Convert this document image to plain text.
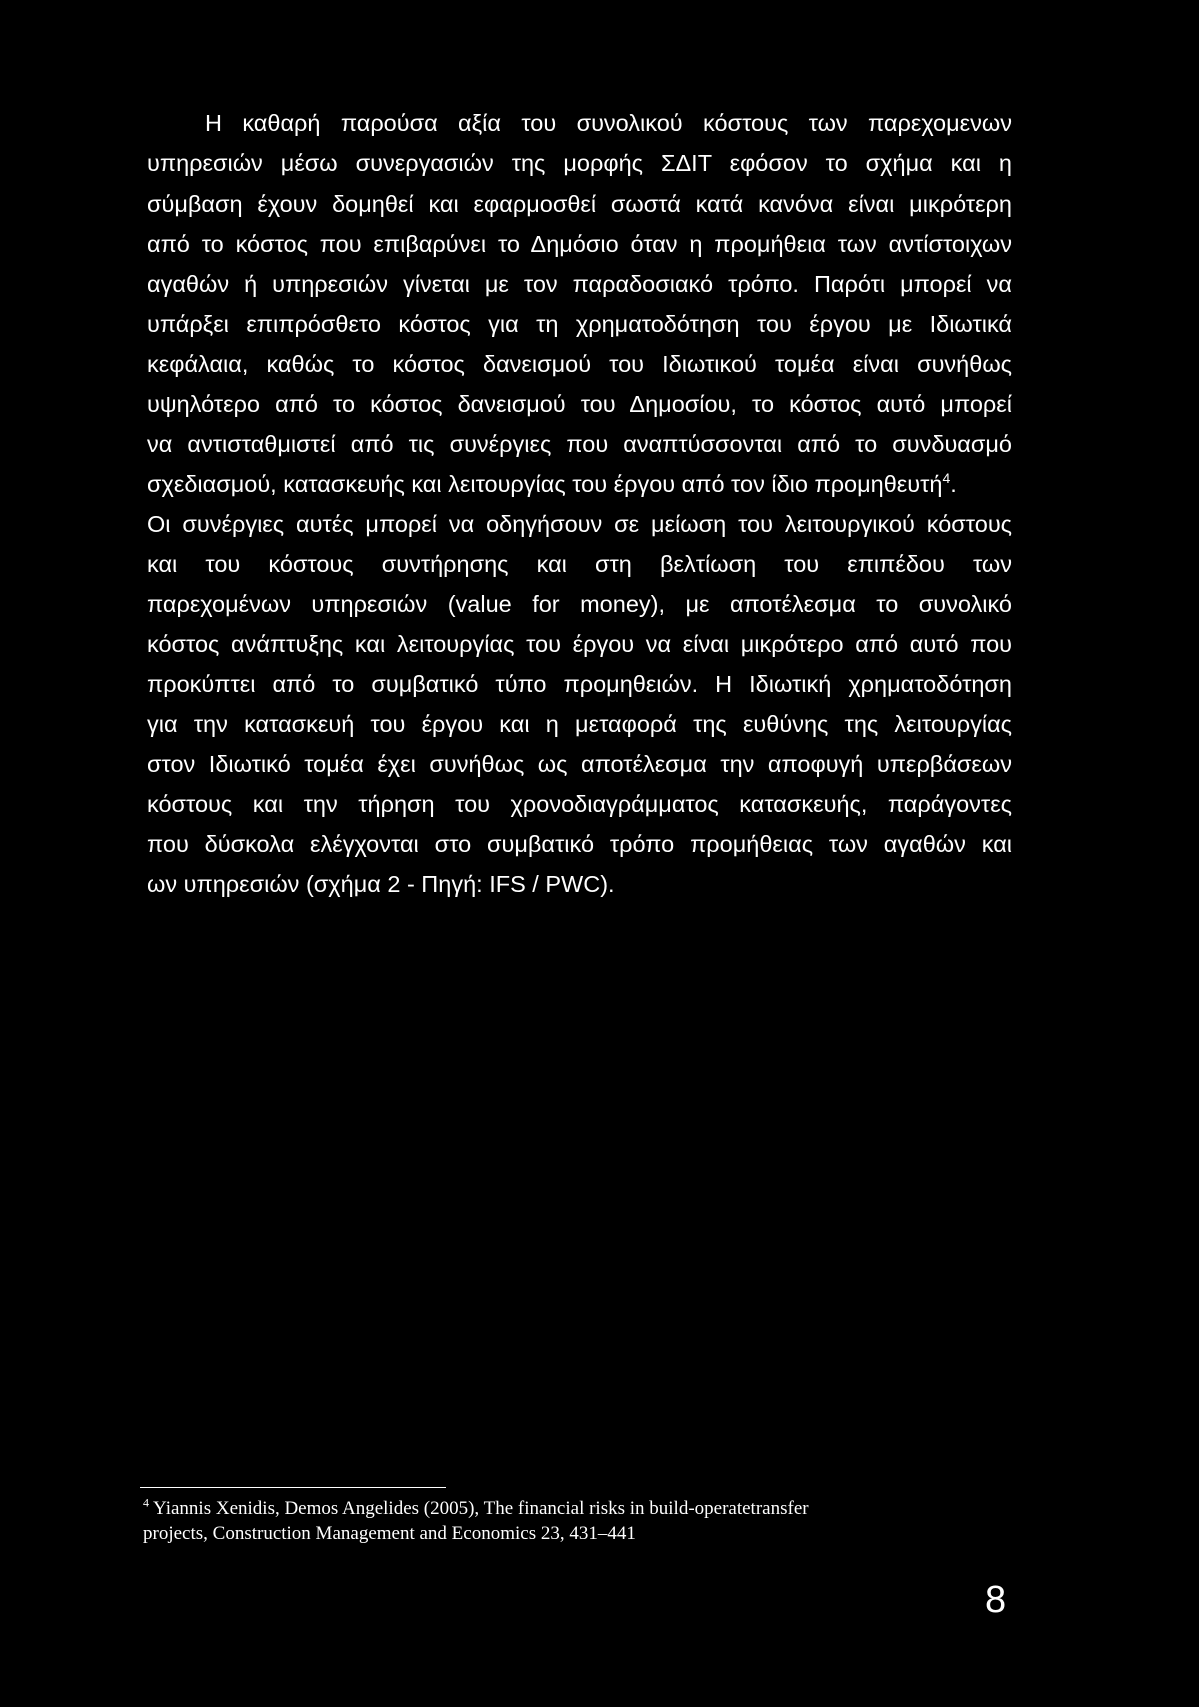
Η καθαρή παρούσα αξία του συνολικού κόστους των παρεχομενων
υπηρεσιών μέσω συνεργασιών της μορφής ΣΔΙΤ εφόσον το σχήμα και η
σύμβαση έχουν δομηθεί και εφαρμοσθεί σωστά κατά κανόνα είναι μικρότερη
από το κόστος που επιβαρύνει το Δημόσιο όταν η προμήθεια των αντίστοιχων
αγαθών ή υπηρεσιών γίνεται με τον παραδοσιακό τρόπο. Παρότι μπορεί να
υπάρξει επιπρόσθετο κόστος για τη χρηματοδότηση του έργου με Ιδιωτικά
κεφάλαια, καθώς το κόστος δανεισμού του Ιδιωτικού τομέα είναι συνήθως
υψηλότερο από το κόστος δανεισμού του Δημοσίου, το κόστος αυτό μπορεί
να αντισταθμιστεί από τις συνέργιες που αναπτύσσονται από το συνδυασμό
σχεδιασμού, κατασκευής και λειτουργίας του έργου από τον ίδιο προμηθευτή$^4$.
Οι συνέργιες αυτές μπορεί να οδηγήσουν σε μείωση του λειτουργικού κόστους
και του κόστους συντήρησης και στη βελτίωση του επιπέδου των
παρεχομένων υπηρεσιών (value for money), με αποτέλεσμα το συνολικό
κόστος ανάπτυξης και λειτουργίας του έργου να είναι μικρότερο από αυτό που
προκύπτει από το συμβατικό τύπο προμηθειών. Η Ιδιωτική χρηματοδότηση
για την κατασκευή του έργου και η μεταφορά της ευθύνης της λειτουργίας
στον Ιδιωτικό τομέα έχει συνήθως ως αποτέλεσμα την αποφυγή υπερβάσεων
κόστους και την τήρηση του χρονοδιαγράμματος κατασκευής, παράγοντες
που δύσκολα ελέγχονται στο συμβατικό τρόπο προμήθειας των αγαθών και
ων υπηρεσιών (σχήμα 2 - Πηγή: IFS / PWC).
$^4$ Yiannis Xenidis, Demos Angelides (2005), The financial risks in build-operatetransfer
projects, Construction Management and Economics 23, 431–441
8
